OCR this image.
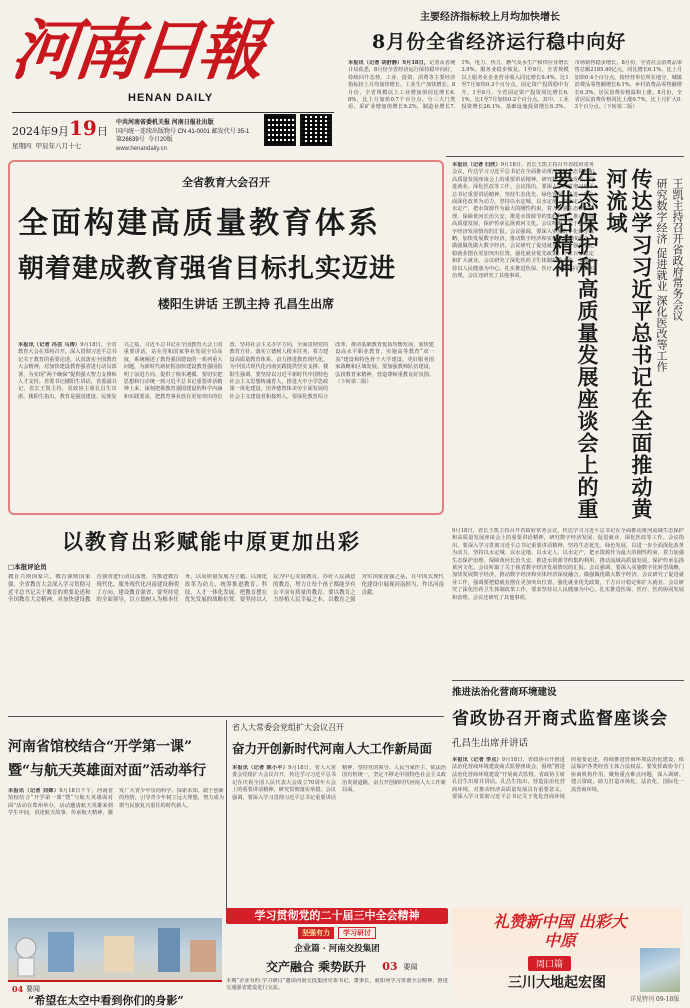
河南日報
HENAN DAILY
2024年9月19日
星期四 甲辰年八月十七
中共河南省委机关报 河南日报社出版
国内统一连续出版物号 CN 41-0001 邮发代号 35-1
第26639号 今日20版
www.henandaily.cn
主要经济指标较上月均加快增长
8月份全省经济运行稳中向好
本报讯（记者 胡舒静）9月18日，记者从省统计局获悉，8月份全省经济运行保持稳中向好，持续回升态势。工业、投资、消费等主要经济指标较上月均加快增长。工业生产加快增长。8月份，全省规模以上工业增加值同比增长6.8%，比上月加快0.7个百分点。分三大门类看，采矿业增加值增长9.2%，制造业增长7.1%，电力、热力、燃气及水生产和供应业增长3.9%。服务业稳步恢复。1至8月，全省规模以上服务业企业营业收入同比增长9.4%，比1至7月加快0.3个百分点。固定资产投资稳中有升。1至8月，全省固定资产投资同比增长6.1%，比1至7月加快0.2个百分点。其中，工业投资增长26.1%，基础设施投资增长6.3%。市场销售稳步增长。8月份，全省社会消费品零售总额2185.40亿元，同比增长6.1%，比上月加快0.4个百分点。按经营单位所在地分，城镇消费品零售额增长6.1%，乡村消费品零售额增长6.3%。居民消费价格温和上涨。8月份，全省居民消费价格同比上涨0.7%，比上月扩大0.3个百分点。（下转第二版）
全省教育大会召开
全面构建高质量教育体系
朝着建成教育强省目标扎实迈进
楼阳生讲话 王凯主持 孔昌生出席
本报讯（记者 冯芸 马涛）9月18日，全省教育大会在郑州召开，深入贯彻习近平总书记关于教育的重要论述，认真落实全国教育大会精神，对加快建设教育强省进行动员部署，为实现“两个确保”提供强大智力支撑和人才支持。省委书记楼阳生讲话，省委副书记、省长王凯主持，省政协主席孔昌生出席。楼阳生指出，教育是强国建设、民族复兴之基。习近平总书记在全国教育大会上的重要讲话，站在党和国家事业发展全局高度，系统阐述了教育强国建设的一系列重大问题，为新时代新征程加快建设教育强国指明了前进方向、提供了根本遵循。要切实把思想和行动统一到习近平总书记重要讲话精神上来，深刻把握教育强国建设的科学内涵和实践要求，把教育事业放在更加突出的位置，坚持社会主义办学方向，全面贯彻党的教育方针，落实立德树人根本任务，着力建设高质量教育体系，奋力推进教育现代化，为中国式现代化河南实践提供坚实支撑。楼阳生强调，要坚持以习近平新时代中国特色社会主义思想铸魂育人，推进大中小学思政课一体化建设，培养德智体美劳全面发展的社会主义建设者和接班人。要深化教育综合改革，推动基础教育优质均衡发展，加快建设高水平职业教育，实施高等教育“双一流”建设和特色骨干大学建设，更好服务国家战略和区域发展。要加强教师队伍建设，弘扬教育家精神，营造尊师重教良好氛围。（下转第二版）
本报讯（记者 归欣）9月18日，省长王凯主持召开省政府常务会议，传达学习习近平总书记在全面推动黄河流域生态保护和高质量发展座谈会上的重要讲话精神，研究数字经济发展、促进就业、深化医改等工作。会议指出，要深入学习贯彻习近平总书记重要讲话精神，坚持生态优先、绿色发展，以进一步全面深化改革为动力，坚持以水定城、以水定地、以水定人、以水定产，把水资源作为最大的刚性约束，着力加强生态保护治理，保障黄河长治久安，推进水资源节约集约利用，推动流域高质量发展，保护传承弘扬黄河文化。会议听取了关于我省数字经济发展情况的汇报。会议强调，要深入实施数字化转型战略，加快发展数字经济，推动数字经济和实体经济深度融合，做强做优做大数字经济。会议研究了促进就业工作，强调要把稳就业摆在更加突出位置，强化就业优先政策，千方百计稳定和扩大就业。会议研究了深化医药卫生体制改革工作，要求坚持以人民健康为中心，扎实推进医保、医疗、医药协同发展和治理。会议还研究了其他事项。	传达学习习近平总书记在全面推动黄河流域
生态保护和高质量发展座谈会上的重要讲话精神	王凯主持召开省政府常务会议
研究数字经济 促进就业 深化医改等工作
9月18日，省长王凯主持召开省政府常务会议，传达学习习近平总书记在全面推动黄河流域生态保护和高质量发展座谈会上的重要讲话精神，研究数字经济发展、促进就业、深化医改等工作。会议指出，要深入学习贯彻习近平总书记重要讲话精神，坚持生态优先、绿色发展，以进一步全面深化改革为动力，坚持以水定城、以水定地、以水定人、以水定产，把水资源作为最大的刚性约束，着力加强生态保护治理，保障黄河长治久安，推进水资源节约集约利用，推动流域高质量发展，保护传承弘扬黄河文化。会议听取了关于我省数字经济发展情况的汇报。会议强调，要深入实施数字化转型战略，加快发展数字经济，推动数字经济和实体经济深度融合，做强做优做大数字经济。会议研究了促进就业工作，强调要把稳就业摆在更加突出位置，强化就业优先政策，千方百计稳定和扩大就业。会议研究了深化医药卫生体制改革工作，要求坚持以人民健康为中心，扎实推进医保、医疗、医药协同发展和治理。会议还研究了其他事项。
以教育出彩赋能中原更加出彩
□本报评论员
教育兴则国家兴，教育强则国家强。全省教育大会深入学习贯彻习近平总书记关于教育的重要论述和全国教育大会精神，对加快建设教育强省进行动员部署，为推进教育现代化、服务现代化河南建设指明了方向。建设教育强省，要坚持党的全面领导，以立德树人为根本任务，以高质量发展为主题，以深化改革为动力，统筹推进教育、科技、人才一体化发展，把教育摆在优先发展的战略位置。要坚持以人民为中心发展教育，办好人民满意的教育，努力让每个孩子都能享有公平而有质量的教育。要以教育之力厚植人民幸福之本，以教育之强夯实国家富强之基，在中国式现代化建设中展现河南担当、作出河南贡献。
推进法治化营商环境建设
省政协召开商式监督座谈会
孔昌生出席并讲话
本报讯（记者 李点）9月18日，省政协召开推进法治化营商环境建设商式监督座谈会，围绕“推进法治化营商环境建设”开展商式监督。省政协主席孔昌生出席并讲话。孔昌生指出，营造法治化营商环境，对推动经济高质量发展具有重要意义。要深入学习贯彻习近平总书记关于优化营商环境的重要论述，持续推进营商环境法治化建设，依法保护各类经营主体合法权益。要发挥政协专门协商机构作用，聚焦重点难点问题，深入调研、建言资政，助力打造市场化、法治化、国际化一流营商环境。
河南省馆校结合“开学第一课”
暨“与航天英雄面对面”活动举行
本报讯（记者 刘婵）9月18日下午，河南省馆校结合“开学第一课”暨“与航天英雄面对面”活动在郑州举办，活动邀请航天英雄来到学生中间，讲述航天故事，传承航天精神，激发广大青少年崇尚科学、探索未知、敢于创新的热情，引导青少年树立远大理想，努力成为堪当民族复兴重任的时代新人。
省人大常委会党组扩大会议召开
奋力开创新时代河南人大工作新局面
本报讯（记者 陈小平）9月18日，省人大常委会党组扩大会议召开，传达学习习近平总书记在庆祝全国人民代表大会成立70周年大会上的重要讲话精神，研究贯彻落实举措。会议强调，要深入学习贯彻习近平总书记重要讲话精神，坚持党的领导、人民当家作主、依法治国有机统一，坚定不移走中国特色社会主义政治发展道路，奋力开创新时代河南人大工作新局面。
学习贯彻党的二十届三中全会精神
坚强有力	学习研讨
企业篇 · 河南交投集团
交产融合 乘势跃升 03 要闻
本期“企业有约·学习研讨”邀请河南交投集团党委书记、董事长，就如何学习贯彻全会精神、推进交通强省建设进行交流。
04 要闻
“希望在太空中看到你们的身影”
礼赞新中国 出彩大中原
周口篇
三川大地起宏图
详见特刊 09-18版
